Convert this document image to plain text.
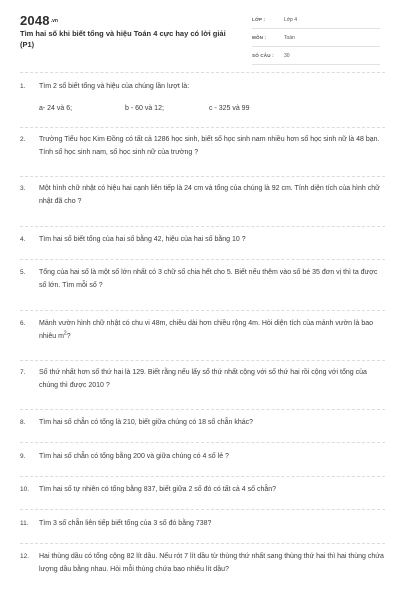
$2048^{.vn}$
Tìm hai số khi biết tổng và hiệu Toán 4 cực hay có lời giải (P1)
LỚP :	Lớp 4
MÔN :	Toán
SỐ CÂU : 30
1. Tìm 2 số biết tổng và hiệu của chúng lần lượt là:
a- 24 và 6;	b - 60 và 12;	c - 325 và 99
2. Trường Tiểu học Kim Đồng có tất cả 1286 học sinh, biết số học sinh nam nhiều hơn số học sinh nữ là 48 bạn. Tính số học sinh nam, số học sinh nữ của trường ?
3. Một hình chữ nhật có hiệu hai cạnh liên tiếp là 24 cm và tổng của chúng là 92 cm. Tính diện tích của hình chữ nhật đã cho ?
4. Tìm hai số biết tổng của hai số bằng 42, hiệu của hai số bằng 10 ?
5. Tổng của hai số là một số lớn nhất có 3 chữ số chia hết cho 5. Biết nếu thêm vào số bé 35 đơn vị thì ta được số lớn. Tìm mỗi số ?
6. Mảnh vườn hình chữ nhật có chu vi 48m, chiều dài hơn chiều rộng 4m. Hỏi diện tích của mảnh vườn là bao nhiêu $m^2$?
7. Số thứ nhất hơn số thứ hai là 129. Biết rằng nếu lấy số thứ nhất cộng với số thứ hai rồi cộng với tổng của chúng thì được 2010 ?
8. Tìm hai số chẵn có tổng là 210, biết giữa chúng có 18 số chẵn khác?
9. Tìm hai số chẵn có tổng bằng 200 và giữa chúng có 4 số lẻ ?
10. Tìm hai số tự nhiên có tổng bằng 837, biết giữa 2 số đó có tất cả 4 số chẵn?
11. Tìm 3 số chẵn liên tiếp biết tổng của 3 số đó bằng 738?
12. Hai thùng dầu có tổng cộng 82 lít dầu. Nếu rót 7 lít dầu từ thùng thứ nhất sang thùng thứ hai thì hai thùng chứa lượng dầu bằng nhau. Hỏi mỗi thùng chứa bao nhiêu lít dầu?
